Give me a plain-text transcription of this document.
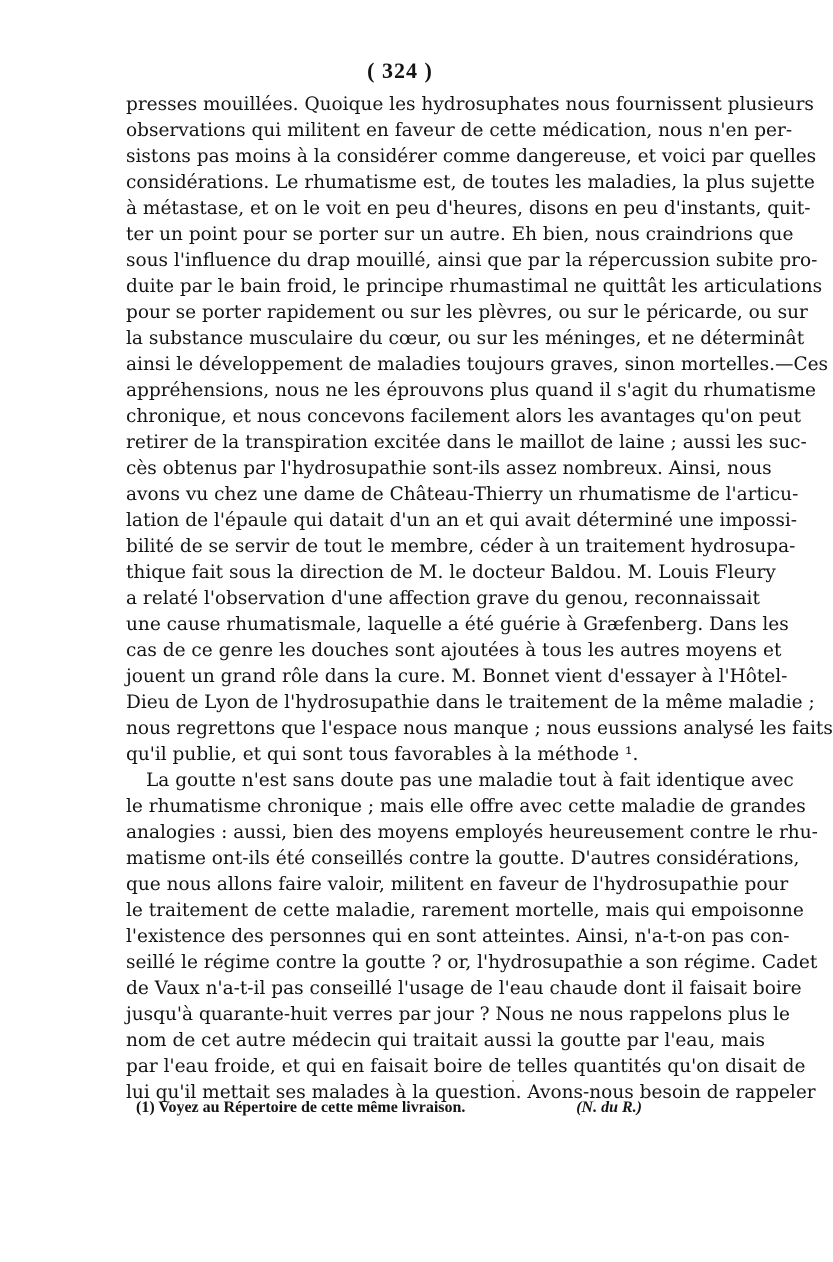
( 324 )
presses mouillées. Quoique les hydrosuphates nous fournissent plusieurs
observations qui militent en faveur de cette médication, nous n'en per-
sistons pas moins à la considérer comme dangereuse, et voici par quelles
considérations. Le rhumatisme est, de toutes les maladies, la plus sujette
à métastase, et on le voit en peu d'heures, disons en peu d'instants, quit-
ter un point pour se porter sur un autre. Eh bien, nous craindrions que
sous l'influence du drap mouillé, ainsi que par la répercussion subite pro-
duite par le bain froid, le principe rhumastimal ne quittât les articulations
pour se porter rapidement ou sur les plèvres, ou sur le péricarde, ou sur
la substance musculaire du cœur, ou sur les méninges, et ne déterminât
ainsi le développement de maladies toujours graves, sinon mortelles.—Ces
appréhensions, nous ne les éprouvons plus quand il s'agit du rhumatisme
chronique, et nous concevons facilement alors les avantages qu'on peut
retirer de la transpiration excitée dans le maillot de laine ; aussi les suc-
cès obtenus par l'hydrosupathie sont-ils assez nombreux. Ainsi, nous
avons vu chez une dame de Château-Thierry un rhumatisme de l'articu-
lation de l'épaule qui datait d'un an et qui avait déterminé une impossi-
bilité de se servir de tout le membre, céder à un traitement hydrosupa-
thique fait sous la direction de M. le docteur Baldou. M. Louis Fleury
a relaté l'observation d'une affection grave du genou, reconnaissait
une cause rhumatismale, laquelle a été guérie à Græfenberg. Dans les
cas de ce genre les douches sont ajoutées à tous les autres moyens et
jouent un grand rôle dans la cure. M. Bonnet vient d'essayer à l'Hôtel-
Dieu de Lyon de l'hydrosupathie dans le traitement de la même maladie ;
nous regrettons que l'espace nous manque ; nous eussions analysé les faits
qu'il publie, et qui sont tous favorables à la méthode ¹.
La goutte n'est sans doute pas une maladie tout à fait identique avec
le rhumatisme chronique ; mais elle offre avec cette maladie de grandes
analogies : aussi, bien des moyens employés heureusement contre le rhu-
matisme ont-ils été conseillés contre la goutte. D'autres considérations,
que nous allons faire valoir, militent en faveur de l'hydrosupathie pour
le traitement de cette maladie, rarement mortelle, mais qui empoisonne
l'existence des personnes qui en sont atteintes. Ainsi, n'a-t-on pas con-
seillé le régime contre la goutte ? or, l'hydrosupathie a son régime. Cadet
de Vaux n'a-t-il pas conseillé l'usage de l'eau chaude dont il faisait boire
jusqu'à quarante-huit verres par jour ? Nous ne nous rappelons plus le
nom de cet autre médecin qui traitait aussi la goutte par l'eau, mais
par l'eau froide, et qui en faisait boire de telles quantités qu'on disait de
lui qu'il mettait ses malades à la question. Avons-nous besoin de rappeler
(1) Voyez au Répertoire de cette même livraison.	(N. du R.)
